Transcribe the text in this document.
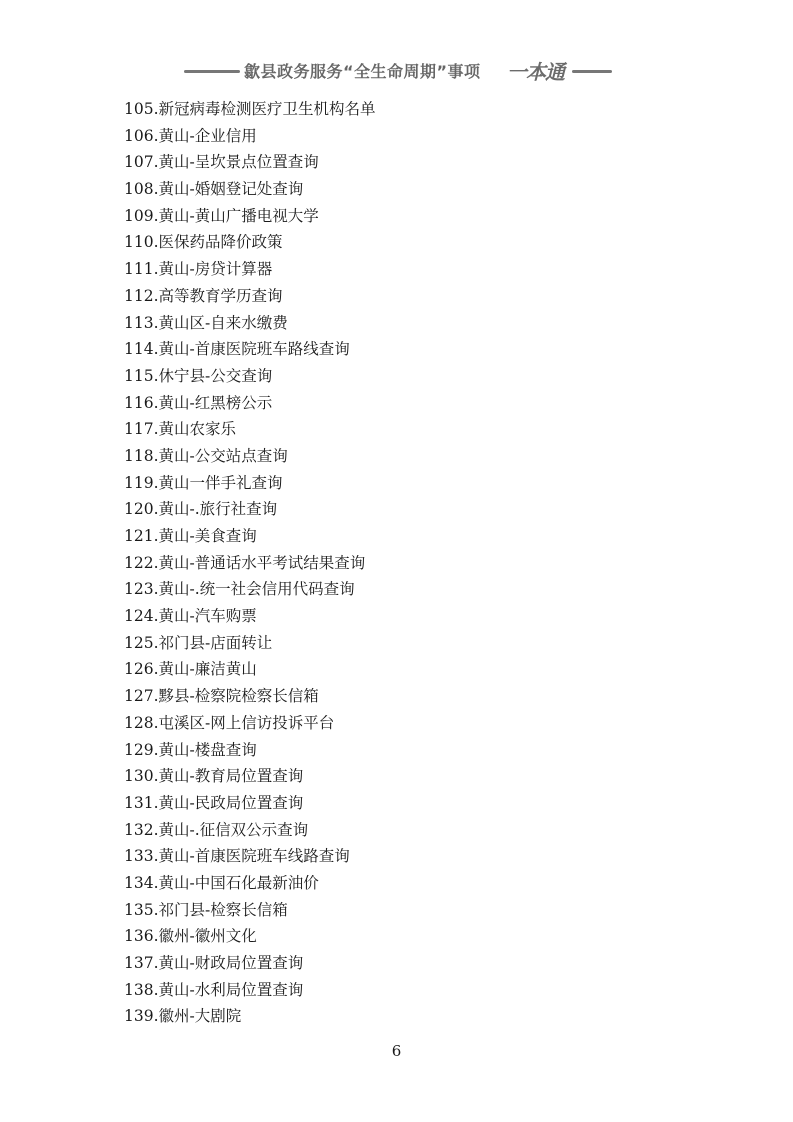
歙县政务服务“全生命周期”事项 一本通
105.新冠病毒检测医疗卫生机构名单
106.黄山-企业信用
107.黄山-呈坎景点位置查询
108.黄山-婚姻登记处查询
109.黄山-黄山广播电视大学
110.医保药品降价政策
111.黄山-房贷计算器
112.高等教育学历查询
113.黄山区-自来水缴费
114.黄山-首康医院班车路线查询
115.休宁县-公交查询
116.黄山-红黑榜公示
117.黄山农家乐
118.黄山-公交站点查询
119.黄山一伴手礼查询
120.黄山-.旅行社查询
121.黄山-美食查询
122.黄山-普通话水平考试结果查询
123.黄山-.统一社会信用代码查询
124.黄山-汽车购票
125.祁门县-店面转让
126.黄山-廉洁黄山
127.黟县-检察院检察长信箱
128.屯溪区-网上信访投诉平台
129.黄山-楼盘查询
130.黄山-教育局位置查询
131.黄山-民政局位置查询
132.黄山-.征信双公示查询
133.黄山-首康医院班车线路查询
134.黄山-中国石化最新油价
135.祁门县-检察长信箱
136.徽州-徽州文化
137.黄山-财政局位置查询
138.黄山-水利局位置查询
139.徽州-大剧院
6
